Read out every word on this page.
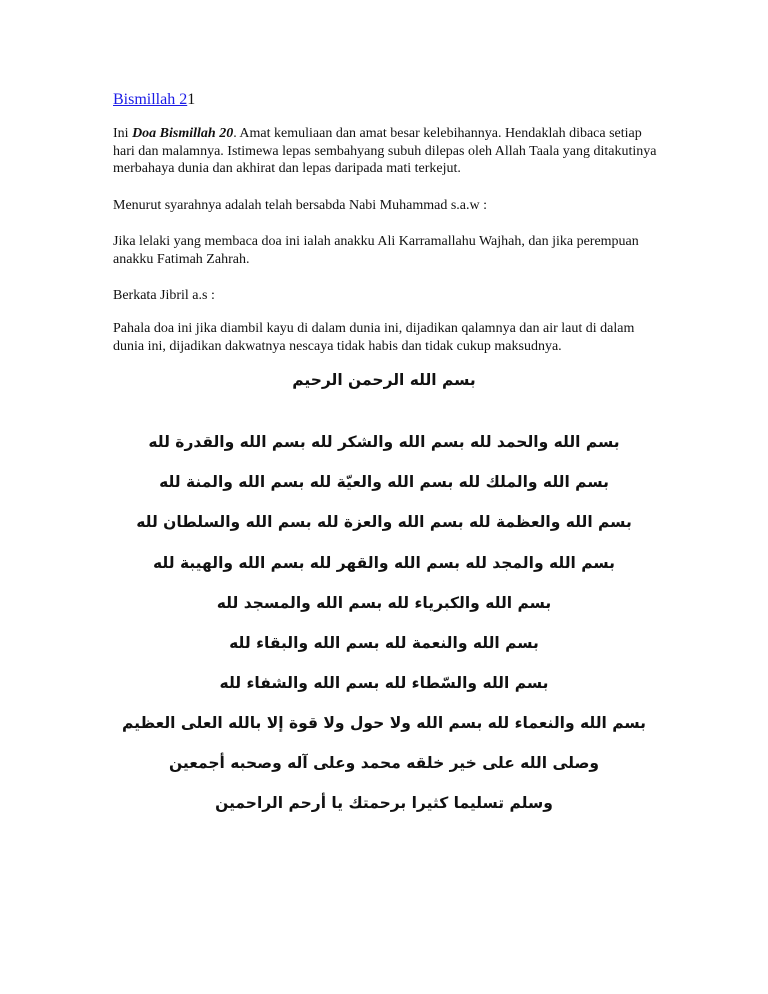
Bismillah 21

Ini Doa Bismillah 20. Amat kemuliaan dan amat besar kelebihannya. Hendaklah dibaca setiap hari dan malamnya. Istimewa lepas sembahyang subuh dilepas oleh Allah Taala yang ditakutinya merbahaya dunia dan akhirat dan lepas daripada mati terkejut.

Menurut syarahnya adalah telah bersabda Nabi Muhammad s.a.w :

Jika lelaki yang membaca doa ini ialah anakku Ali Karramallahu Wajhah, dan jika perempuan anakku Fatimah Zahrah.

Berkata Jibril a.s :

Pahala doa ini jika diambil kayu di dalam dunia ini, dijadikan qalamnya dan air laut di dalam dunia ini, dijadikan dakwatnya nescaya tidak habis dan tidak cukup maksudnya.

بسم الله الرحمن الرحيم

بسم الله والحمد لله بسم الله والشكر لله بسم الله والقدرة لله

بسم الله والملك لله بسم الله والعيّة لله بسم الله والمنة لله

بسم الله والعظمة لله بسم الله والعزة لله بسم الله والسلطان لله

بسم الله والمجد لله بسم الله والقهر لله بسم الله والهيبة لله

بسم الله والكبرياء لله بسم الله والمسجد لله

بسم الله والنعمة لله بسم الله والبقاء لله

بسم الله والسّطاء لله بسم الله والشفاء لله

بسم الله والنعماء لله بسم الله ولا حول ولا قوة إلا بالله العلى العظيم

وصلى الله على خير خلقه محمد وعلى آله وصحبه أجمعين

وسلم تسليما كثيرا برحمتك يا أرحم الراحمين
